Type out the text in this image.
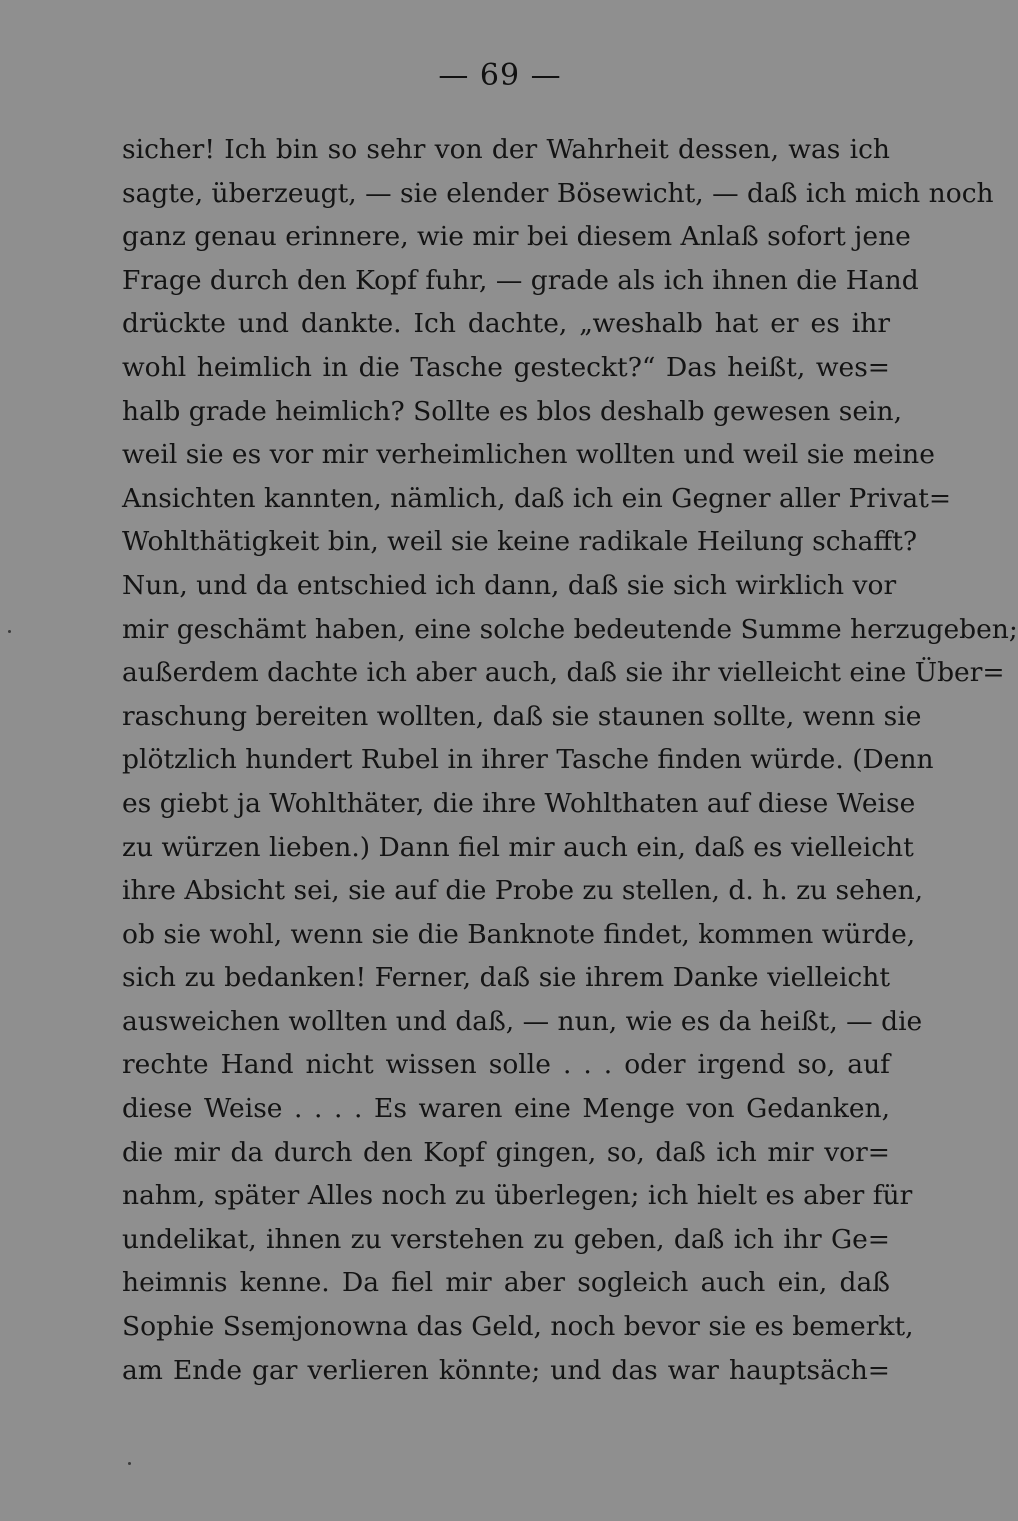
— 69 —
sicher! Ich bin so sehr von der Wahrheit dessen, was ich
sagte, überzeugt, — sie elender Bösewicht, — daß ich mich noch
ganz genau erinnere, wie mir bei diesem Anlaß sofort jene
Frage durch den Kopf fuhr, — grade als ich ihnen die Hand
drückte und dankte. Ich dachte, „weshalb hat er es ihr
wohl heimlich in die Tasche gesteckt?“ Das heißt, wes=
halb grade heimlich? Sollte es blos deshalb gewesen sein,
weil sie es vor mir verheimlichen wollten und weil sie meine
Ansichten kannten, nämlich, daß ich ein Gegner aller Privat=
Wohlthätigkeit bin, weil sie keine radikale Heilung schafft?
Nun, und da entschied ich dann, daß sie sich wirklich vor
mir geschämt haben, eine solche bedeutende Summe herzugeben;
außerdem dachte ich aber auch, daß sie ihr vielleicht eine Über=
raschung bereiten wollten, daß sie staunen sollte, wenn sie
plötzlich hundert Rubel in ihrer Tasche finden würde. (Denn
es giebt ja Wohlthäter, die ihre Wohlthaten auf diese Weise
zu würzen lieben.) Dann fiel mir auch ein, daß es vielleicht
ihre Absicht sei, sie auf die Probe zu stellen, d. h. zu sehen,
ob sie wohl, wenn sie die Banknote findet, kommen würde,
sich zu bedanken! Ferner, daß sie ihrem Danke vielleicht
ausweichen wollten und daß, — nun, wie es da heißt, — die
rechte Hand nicht wissen solle . . . oder irgend so, auf
diese Weise . . . . Es waren eine Menge von Gedanken,
die mir da durch den Kopf gingen, so, daß ich mir vor=
nahm, später Alles noch zu überlegen; ich hielt es aber für
undelikat, ihnen zu verstehen zu geben, daß ich ihr Ge=
heimnis kenne. Da fiel mir aber sogleich auch ein, daß
Sophie Ssemjonowna das Geld, noch bevor sie es bemerkt,
am Ende gar verlieren könnte; und das war hauptsäch=
